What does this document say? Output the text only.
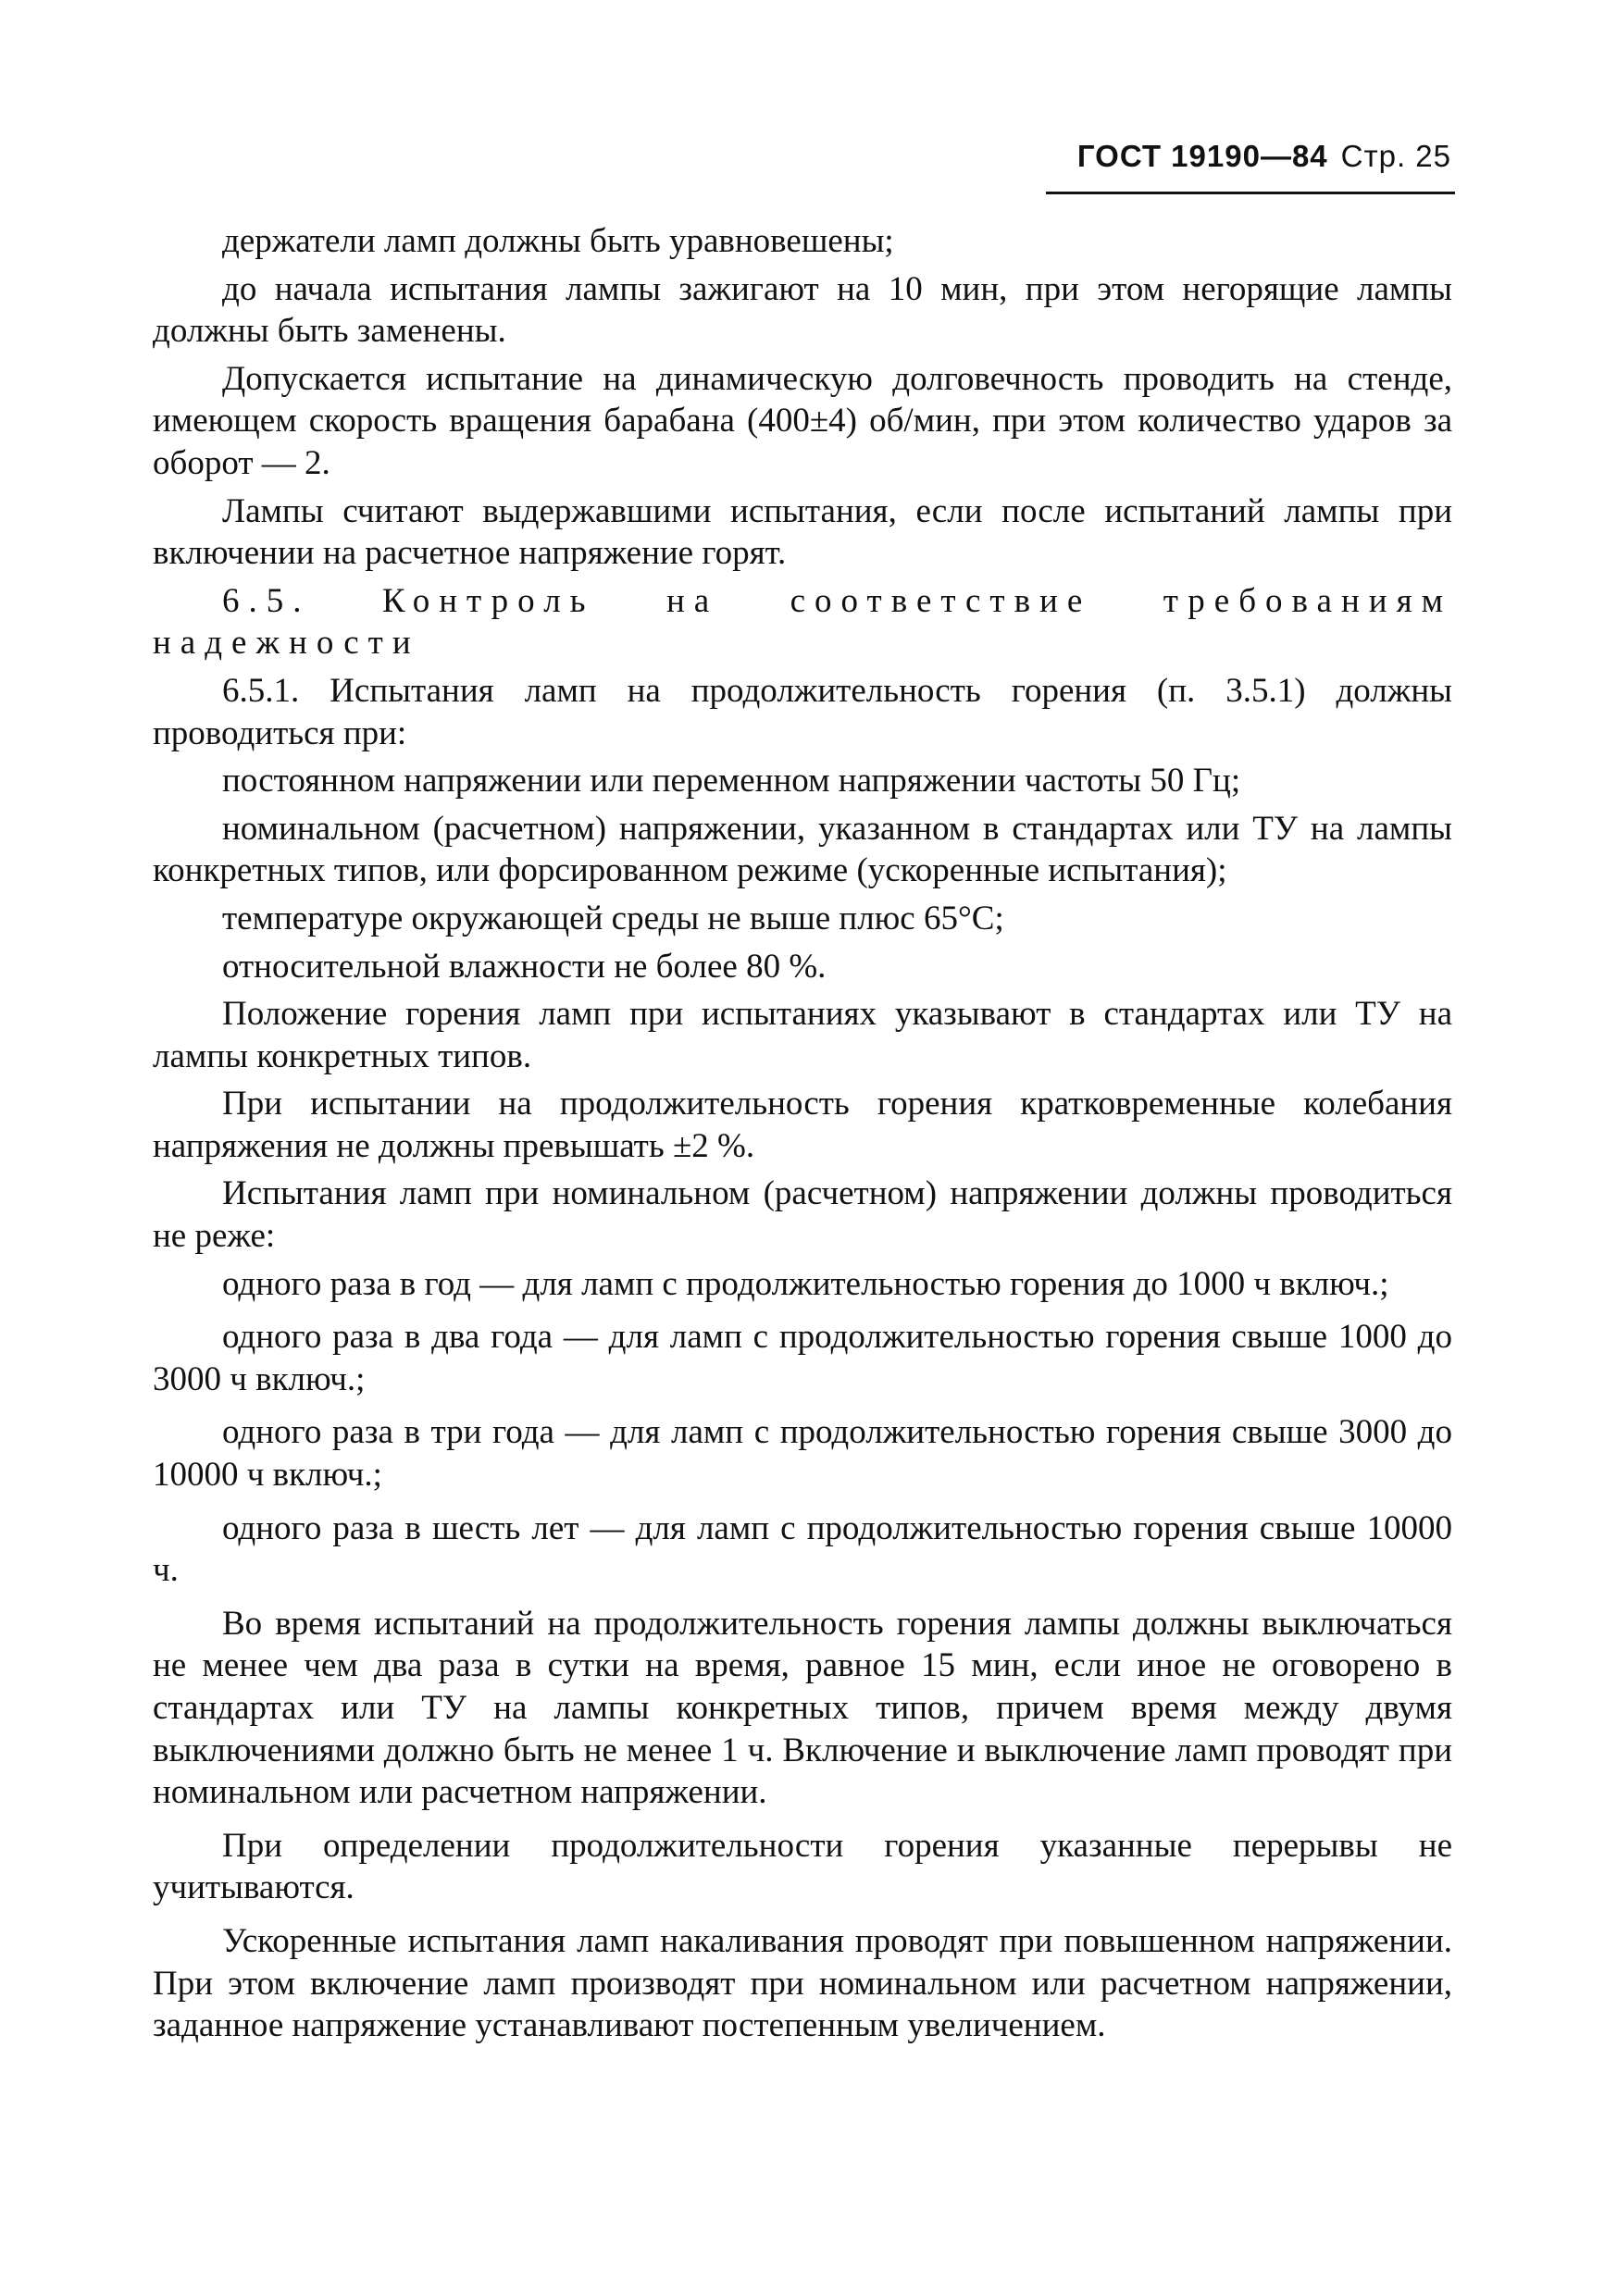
ГОСТ 19190—84 Стр. 25

держатели ламп должны быть уравновешены;

до начала испытания лампы зажигают на 10 мин, при этом негорящие лампы должны быть заменены.

Допускается испытание на динамическую долговечность проводить на стенде, имеющем скорость вращения барабана (400±4) об/мин, при этом количество ударов за оборот — 2.

Лампы считают выдержавшими испытания, если после испытаний лампы при включении на расчетное напряжение горят.

6.5. Контроль на соответствие требованиям надежности

6.5.1. Испытания ламп на продолжительность горения (п. 3.5.1) должны проводиться при:

постоянном напряжении или переменном напряжении частоты 50 Гц;

номинальном (расчетном) напряжении, указанном в стандартах или ТУ на лампы конкретных типов, или форсированном режиме (ускоренные испытания);

температуре окружающей среды не выше плюс 65°С;

относительной влажности не более 80 %.

Положение горения ламп при испытаниях указывают в стандартах или ТУ на лампы конкретных типов.

При испытании на продолжительность горения кратковременные колебания напряжения не должны превышать ±2 %.

Испытания ламп при номинальном (расчетном) напряжении должны проводиться не реже:

одного раза в год — для ламп с продолжительностью горения до 1000 ч включ.;

одного раза в два года — для ламп с продолжительностью горения свыше 1000 до 3000 ч включ.;

одного раза в три года — для ламп с продолжительностью горения свыше 3000 до 10000 ч включ.;

одного раза в шесть лет — для ламп с продолжительностью горения свыше 10000 ч.

Во время испытаний на продолжительность горения лампы должны выключаться не менее чем два раза в сутки на время, равное 15 мин, если иное не оговорено в стандартах или ТУ на лампы конкретных типов, причем время между двумя выключениями должно быть не менее 1 ч. Включение и выключение ламп проводят при номинальном или расчетном напряжении.

При определении продолжительности горения указанные перерывы не учитываются.

Ускоренные испытания ламп накаливания проводят при повышенном напряжении. При этом включение ламп производят при номинальном или расчетном напряжении, заданное напряжение устанавливают постепенным увеличением.
